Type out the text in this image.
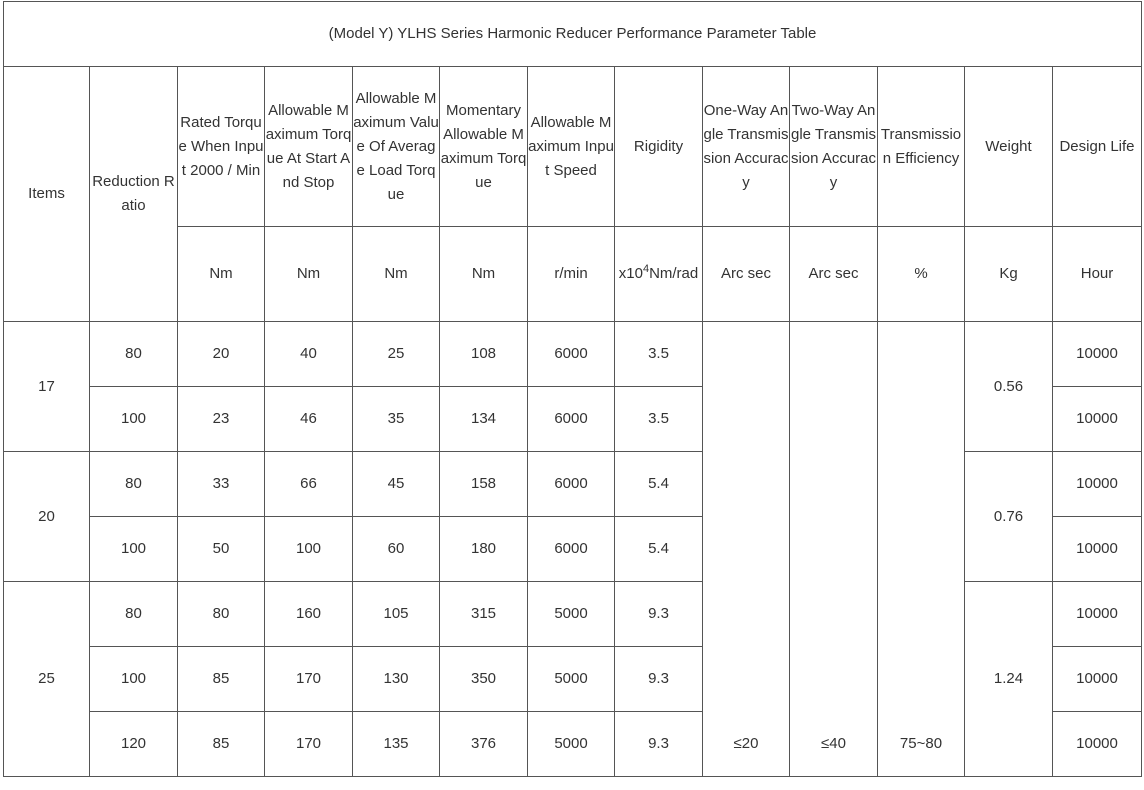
(Model Y) YLHS Series Harmonic Reducer Performance Parameter Table												
Items	Reduction Ratio	Rated Torque When Input 2000 / Min	Allowable Maximum Torque At Start And Stop	Allowable Maximum Value Of Average Load Torque	Momentary Allowable Maximum Torque	Allowable Maximum Input Speed	Rigidity	One-Way Angle Transmission Accuracy	Two-Way Angle Transmission Accuracy	Transmission Efficiency	Weight	Design Life
		Nm	Nm	Nm	Nm	r/min	$x10^4Nm$/rad	Arc sec	Arc sec	%	Kg	Hour
17	80	20	40	25	108	6000	3.5	≤20	≤40	75~80	0.56	10000
	100	23	46	35	134	6000	3.5					10000
20	80	33	66	45	158	6000	5.4				0.76	10000
	100	50	100	60	180	6000	5.4					10000
25	80	80	160	105	315	5000	9.3				1.24	10000
	100	85	170	130	350	5000	9.3					10000
	120	85	170	135	376	5000	9.3					10000
